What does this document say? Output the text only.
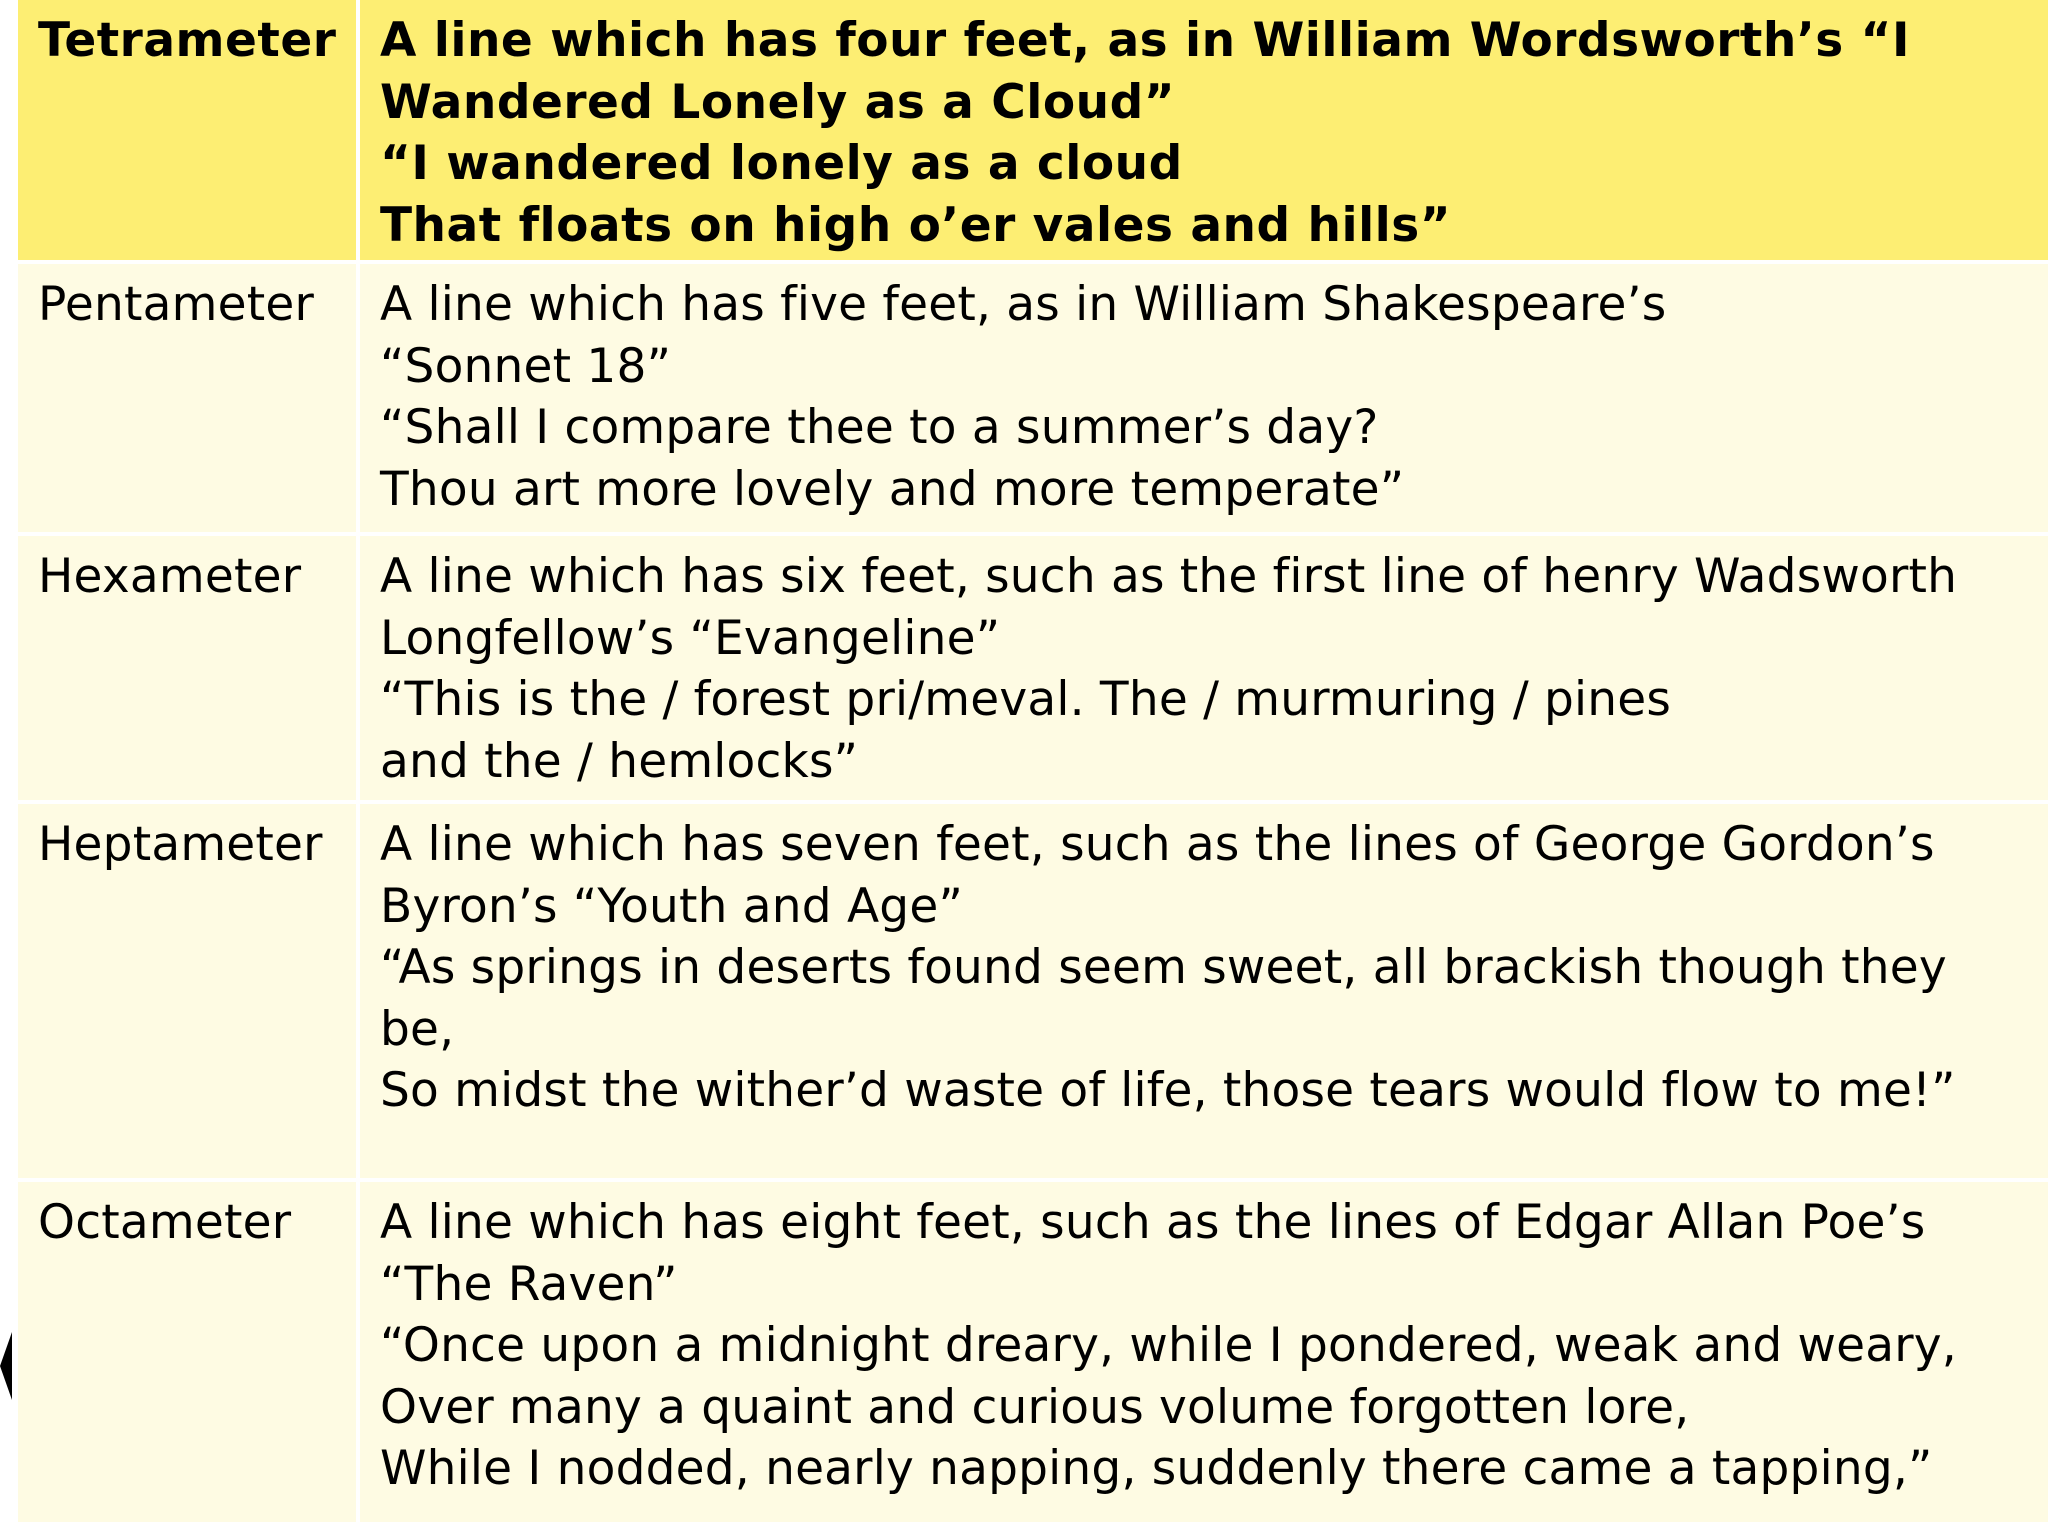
Tetrameter	A line which has four feet, as in William Wordsworth’s “I
Wandered Lonely as a Cloud”
“I wandered lonely as a cloud
That floats on high o’er vales and hills”

Pentameter	A line which has five feet, as in William Shakespeare’s
“Sonnet 18”
“Shall I compare thee to a summer’s day?
Thou art more lovely and more temperate”

Hexameter	A line which has six feet, such as the first line of henry Wadsworth
Longfellow’s “Evangeline”
“This is the / forest pri/meval. The / murmuring / pines
and the / hemlocks”

Heptameter	A line which has seven feet, such as the lines of George Gordon’s
Byron’s “Youth and Age”
“As springs in deserts found seem sweet, all brackish though they
be,
So midst the wither’d waste of life, those tears would flow to me!”

Octameter	A line which has eight feet, such as the lines of Edgar Allan Poe’s
“The Raven”
“Once upon a midnight dreary, while I pondered, weak and weary,
Over many a quaint and curious volume forgotten lore,
While I nodded, nearly napping, suddenly there came a tapping,”
